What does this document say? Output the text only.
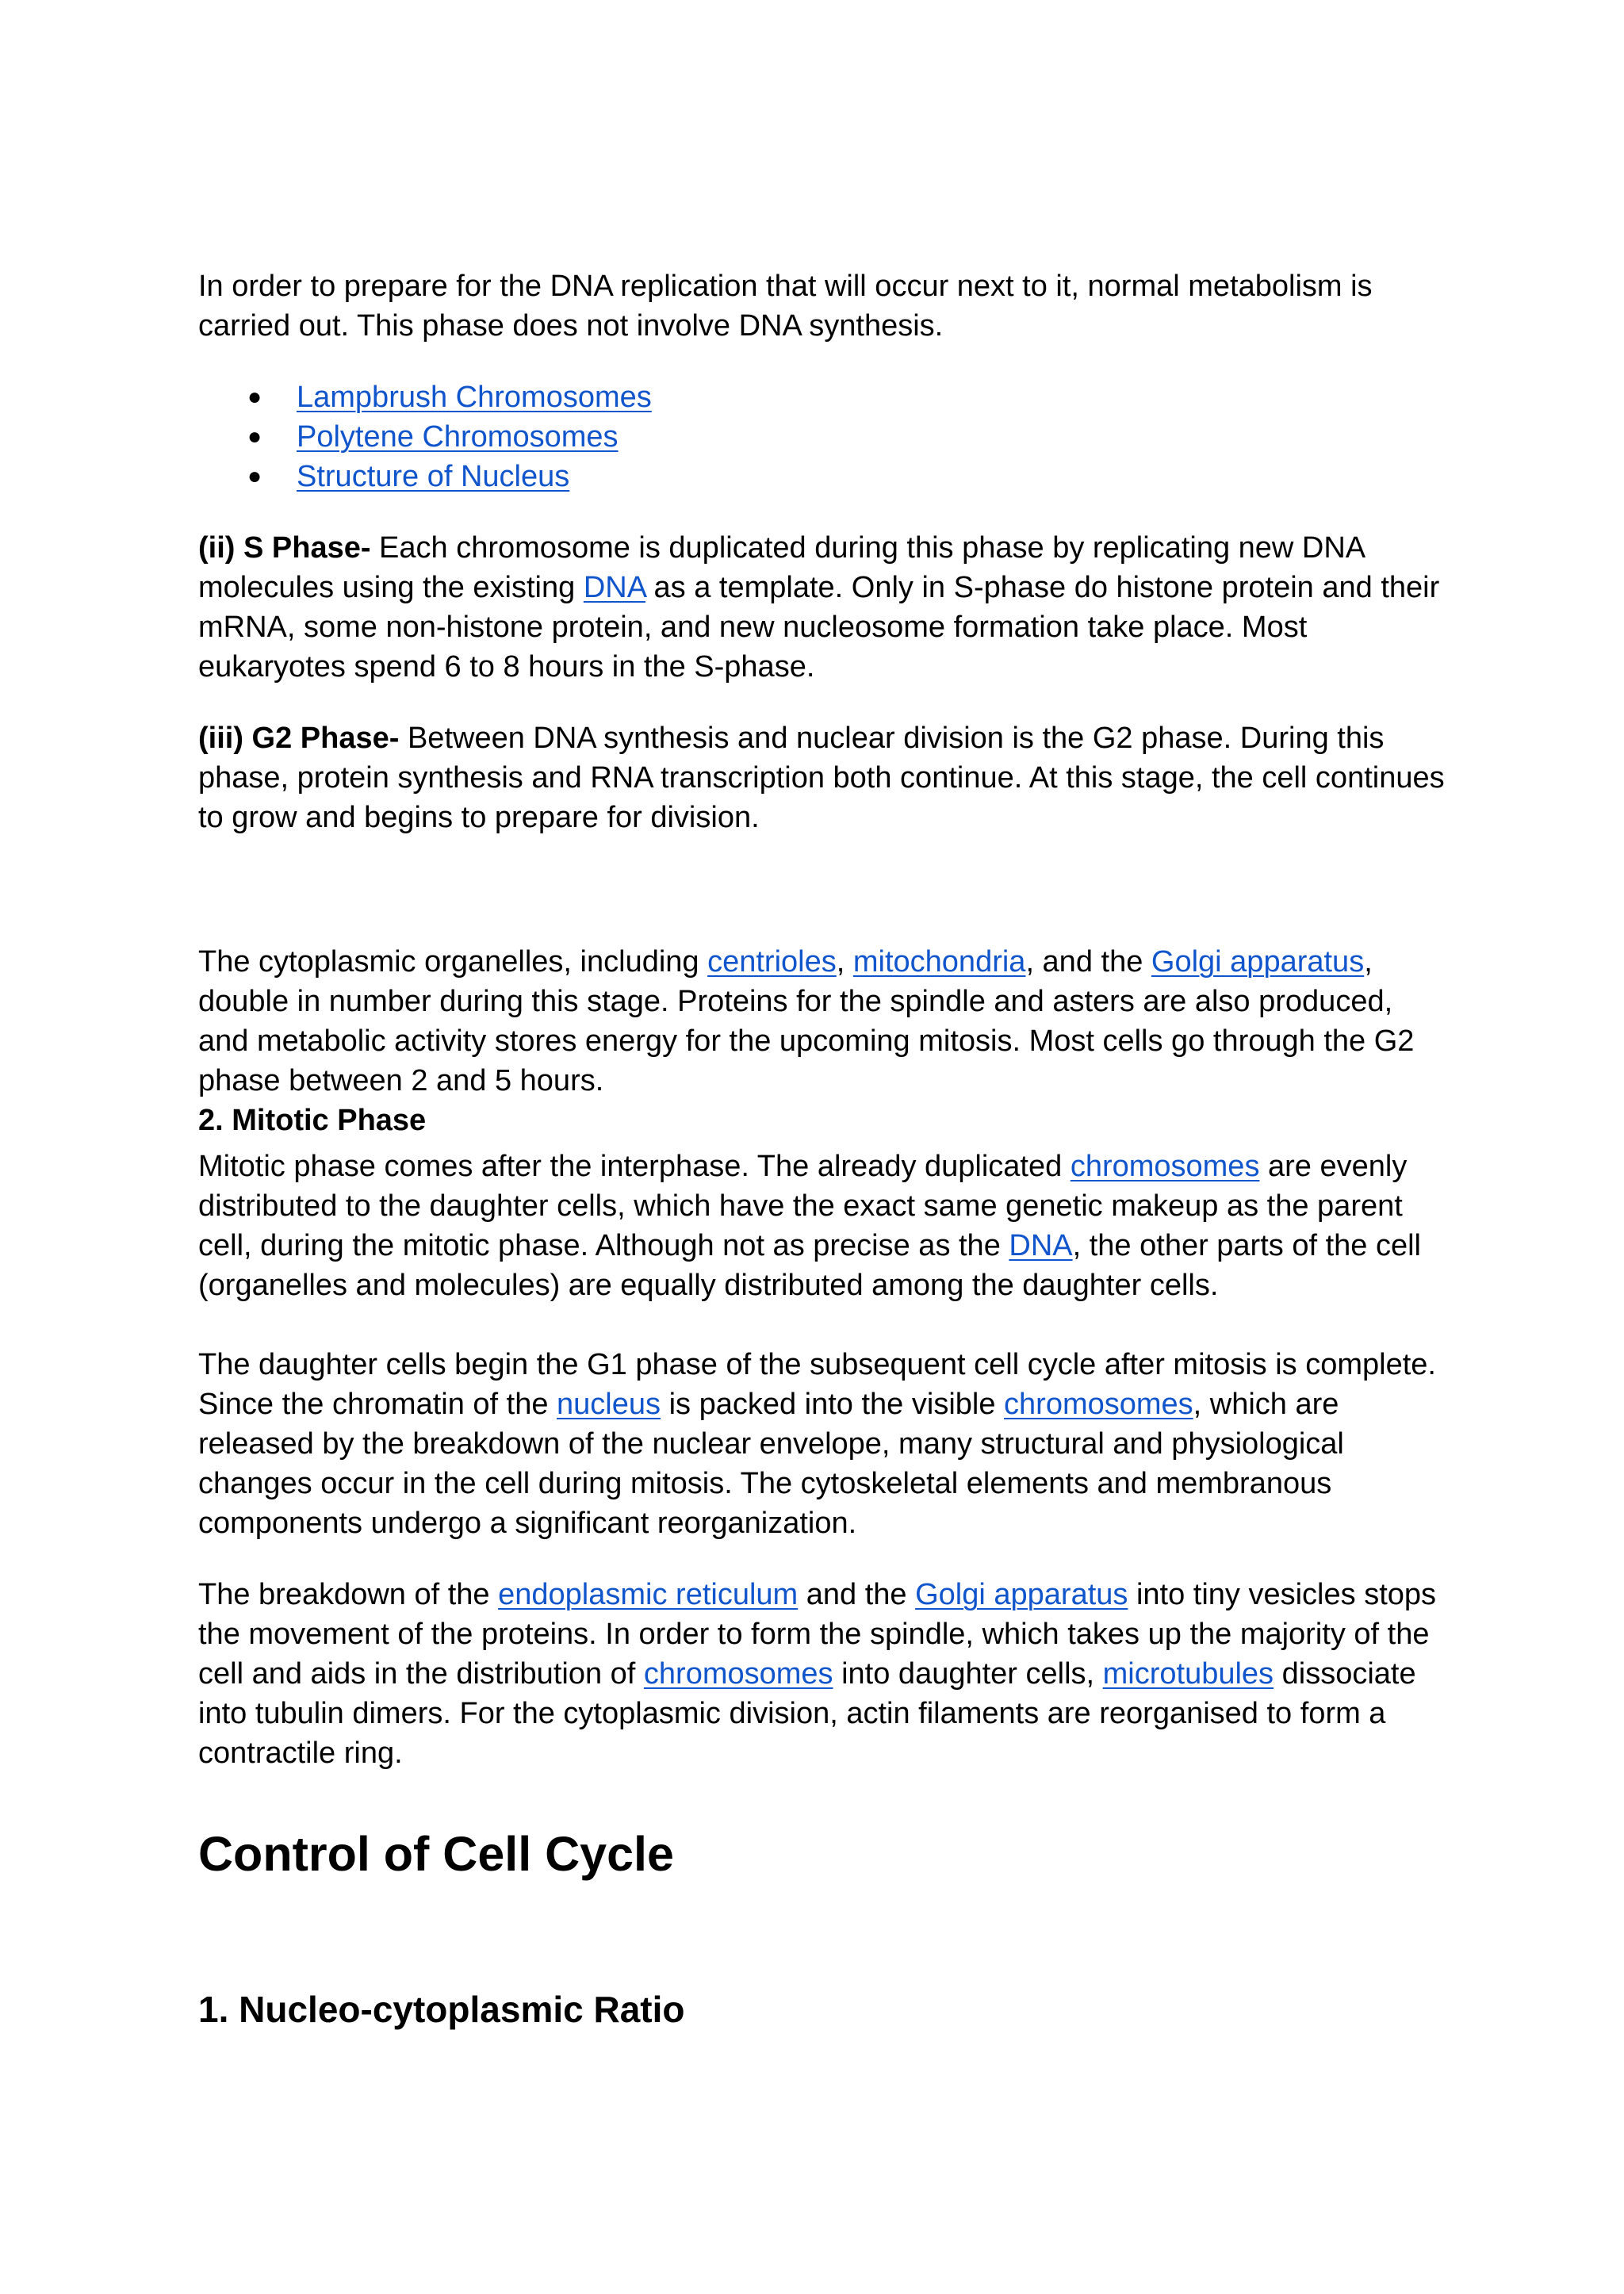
In order to prepare for the DNA replication that will occur next to it, normal metabolism is carried out. This phase does not involve DNA synthesis.

● Lampbrush Chromosomes
● Polytene Chromosomes
● Structure of Nucleus

(ii) S Phase- Each chromosome is duplicated during this phase by replicating new DNA molecules using the existing DNA as a template. Only in S-phase do histone protein and their mRNA, some non-histone protein, and new nucleosome formation take place. Most eukaryotes spend 6 to 8 hours in the S-phase.

(iii) G2 Phase- Between DNA synthesis and nuclear division is the G2 phase. During this phase, protein synthesis and RNA transcription both continue. At this stage, the cell continues to grow and begins to prepare for division.

The cytoplasmic organelles, including centrioles, mitochondria, and the Golgi apparatus, double in number during this stage. Proteins for the spindle and asters are also produced, and metabolic activity stores energy for the upcoming mitosis. Most cells go through the G2 phase between 2 and 5 hours.

2. Mitotic Phase

Mitotic phase comes after the interphase. The already duplicated chromosomes are evenly distributed to the daughter cells, which have the exact same genetic makeup as the parent cell, during the mitotic phase. Although not as precise as the DNA, the other parts of the cell (organelles and molecules) are equally distributed among the daughter cells.

The daughter cells begin the G1 phase of the subsequent cell cycle after mitosis is complete. Since the chromatin of the nucleus is packed into the visible chromosomes, which are released by the breakdown of the nuclear envelope, many structural and physiological changes occur in the cell during mitosis. The cytoskeletal elements and membranous components undergo a significant reorganization.

The breakdown of the endoplasmic reticulum and the Golgi apparatus into tiny vesicles stops the movement of the proteins. In order to form the spindle, which takes up the majority of the cell and aids in the distribution of chromosomes into daughter cells, microtubules dissociate into tubulin dimers. For the cytoplasmic division, actin filaments are reorganised to form a contractile ring.

Control of Cell Cycle
1. Nucleo-cytoplasmic Ratio
